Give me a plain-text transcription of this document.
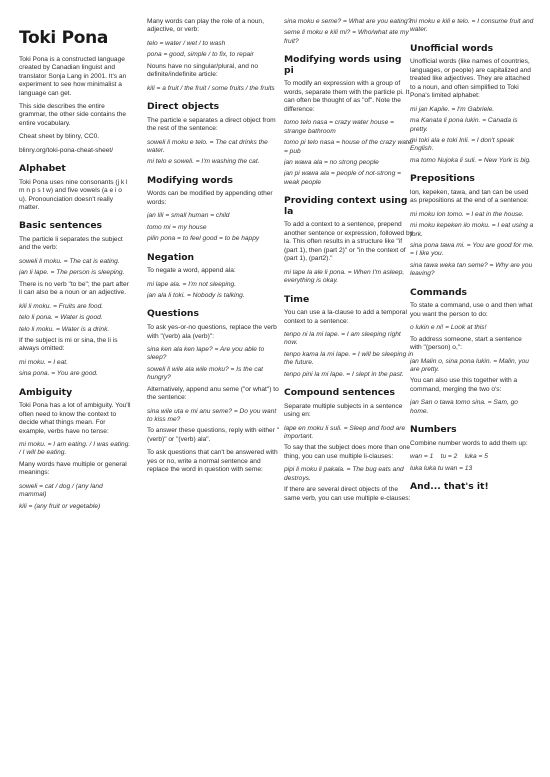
Toki Pona

Toki Pona is a constructed language created by Canadian linguist and translator Sonja Lang in 2001. It's an experiment to see how minimalist a language can get.

This side describes the entire grammar, the other side contains the entire vocabulary.

Cheat sheet by blinry, CC0.

blinry.org/toki-pona-cheat-sheet/

Alphabet

Toki Pona uses nine consonants (j k l m n p s t w) and five vowels (a e i o u). Pronounciation doesn't really matter.

Basic sentences

The particle li separates the subject and the verb:

soweli li moku. = The cat is eating.

jan li lape. = The person is sleeping.

There is no verb "to be"; the part after li can also be a noun or an adjective.

kili li moku. = Fruits are food.

telo li pona. = Water is good.

telo li moku. = Water is a drink.

If the subject is mi or sina, the li is always omitted:

mi moku. = I eat.

sina pona. = You are good.

Ambiguity

Toki Pona has a lot of ambiguity. You'll often need to know the context to decide what things mean. For example, verbs have no tense:

mi moku. = I am eating. / I was eating. / I will be eating.

Many words have multiple or general meanings:

soweli = cat / dog / (any land mammal)

kili = (any fruit or vegetable)

Many words can play the role of a noun, adjective, or verb:

telo = water / wet / to wash

pona = good, simple / to fix, to repair

Nouns have no singular/plural, and no definite/indefinite article:

kili = a fruit / the fruit / some fruits / the fruits

Direct objects

The particle e separates a direct object from the rest of the sentence:

soweli li moku e telo. = The cat drinks the water.

mi telo e soweli. = I'm washing the cat.

Modifying words

Words can be modified by appending other words:

jan lili = small human = child

tomo mi = my house

pilin pona = to feel good = to be happy

Negation

To negate a word, append ala:

mi lape ala. = I'm not sleeping.

jan ala li toki. = Nobody is talking.

Questions

To ask yes-or-no questions, replace the verb with "(verb) ala (verb)":

sina ken ala ken lape? = Are you able to sleep?

soweli li wile ala wile moku? = Is the cat hungry?

Alternatively, append anu seme ("or what") to the sentence:

sina wile uta e mi anu seme? = Do you want to kiss me?

To answer these questions, reply with either "(verb)" or "(verb) ala".

To ask questions that can't be answered with yes or no, write a normal sentence and replace the word in question with seme:

sina moku e seme? = What are you eating?

seme li moku e kili mi? = Who/what ate my fruit?

Modifying words using pi

To modify an expression with a group of words, separate them with the particle pi. It can often be thought of as "of". Note the difference:

tomo telo nasa = crazy water house = strange bathroom

tomo pi telo nasa = house of the crazy water = pub

jan wawa ala = no strong people

jan pi wawa ala = people of not-strong = weak people

Providing context using la

To add a context to a sentence, prepend another sentence or expression, followed by la. This often results in a structure like "if (part 1), then (part 2)" or "in the context of (part 1), (part2)."

mi lape la ale li pona. = When I'm asleep, everything is okay.

Time

You can use a la-clause to add a temporal context to a sentence:

tenpo ni la mi lape. = I am sleeping right now.

tenpo kama la mi lape. = I will be sleeping in the future.

tenpo pini la mi lape. = I slept in the past.

Compound sentences

Separate multiple subjects in a sentence using en:

lape en moku li suli. = Sleep and food are important.

To say that the subject does more than one thing, you can use multiple li-clauses:

pipi li moku li pakala. = The bug eats and destroys.

If there are several direct objects of the same verb, you can use multiple e-clauses:

mi moku e kili e telo. = I consume fruit and water.

Unofficial words

Unofficial words (like names of countries, languages, or people) are capitalized and treated like adjectives. They are attached to a noun, and often simplified to Toki Pona's limited alphabet:

mi jan Kapile. = I'm Gabriele.

ma Kanata li pona lukin. = Canada is pretty.

mi toki ala e toki Inli. = I don't speak English.

ma tomo Nujoka li suli. = New York is big.

Prepositions

lon, kepeken, tawa, and tan can be used as prepositions at the end of a sentence:

mi moku lon tomo. = I eat in the house.

mi moku kepeken ilo moku. = I eat using a fork.

sina pona tawa mi. = You are good for me. = I like you.

sina tawa weka tan seme? = Why are you leaving?

Commands

To state a command, use o and then what you want the person to do:

o lukin e ni! = Look at this!

To address someone, start a sentence with "(person) o,":

jan Malin o, sina pona lukin. = Malin, you are pretty.

You can also use this together with a command, merging the two o's:

jan San o tawa tomo sina. = Sam, go home.

Numbers

Combine number words to add them up:

wan = 1    tu = 2    luka = 5

luka luka tu wan = 13

And... that's it!
